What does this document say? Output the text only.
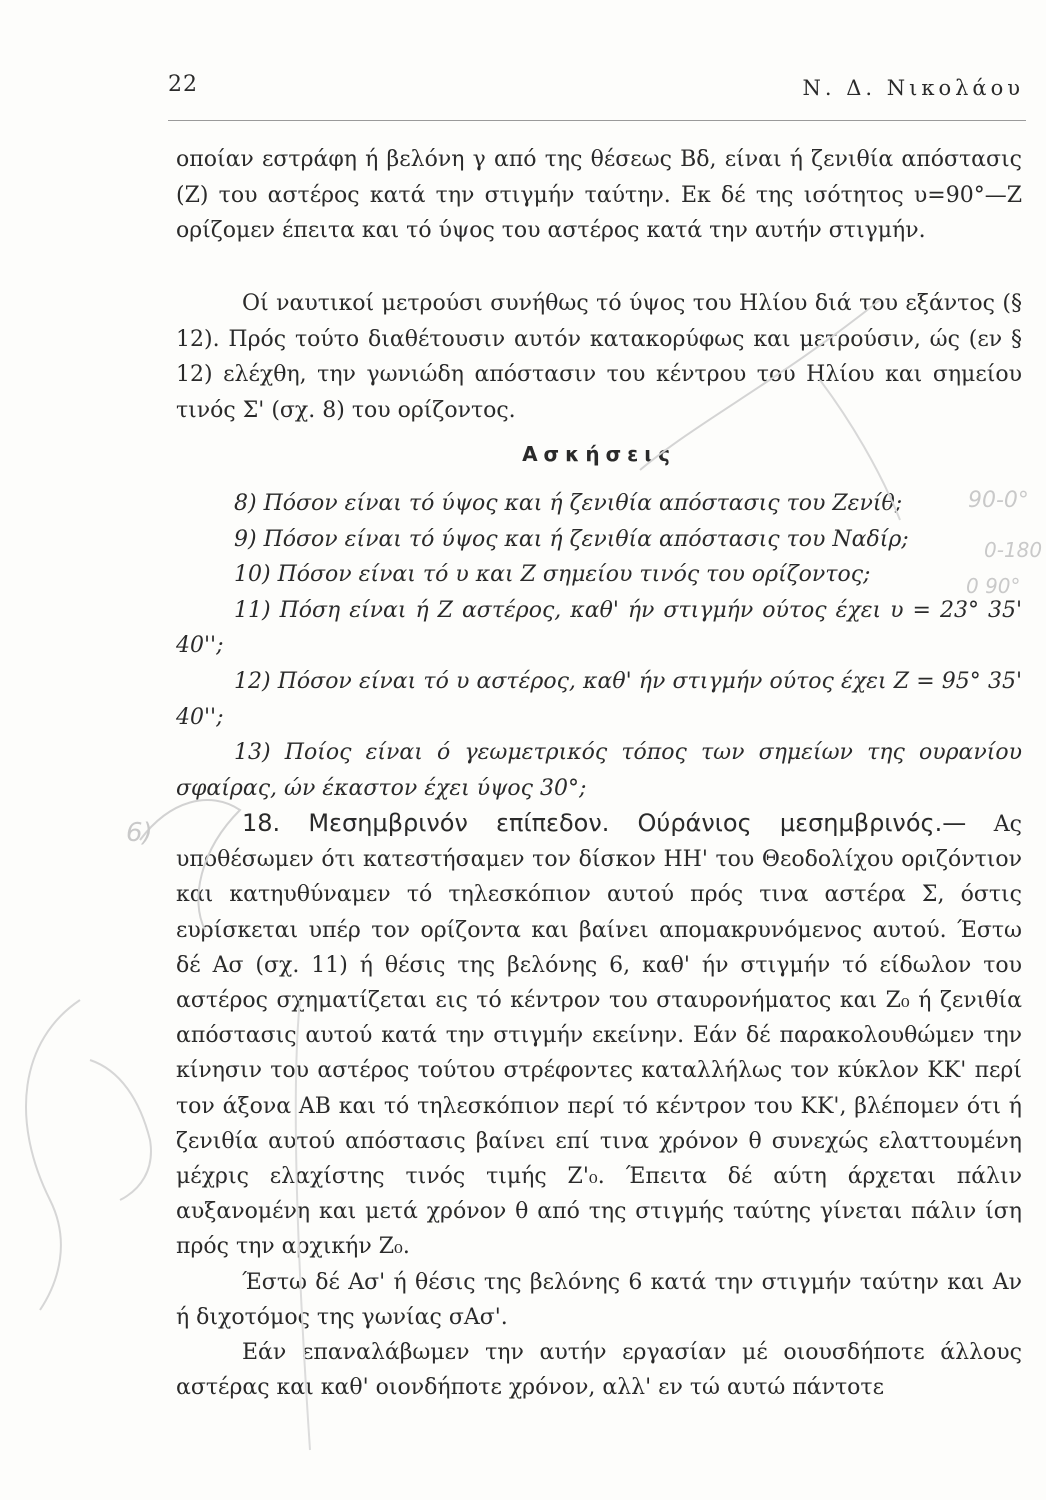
22	Ν. Δ. Νικολάου

οποίαν εστράφη ή βελόνη γ από της θέσεως Βδ, είναι ή ζενιθία απόστασις (Ζ) του αστέρος κατά την στιγμήν ταύτην. Εκ δέ της ισότητος υ=90°—Ζ ορίζομεν έπειτα και τό ύψος του αστέρος κατά την αυτήν στιγμήν.

Οί ναυτικοί μετρούσι συνήθως τό ύψος του Ηλίου διά του εξάντος (§ 12). Πρός τούτο διαθέτουσιν αυτόν κατακορύφως και μετρούσιν, ώς (εν § 12) ελέχθη, την γωνιώδη απόστασιν του κέντρου του Ηλίου και σημείου τινός Σ' (σχ. 8) του ορίζοντος.

Ασκήσεις

8) Πόσον είναι τό ύψος και ή ζενιθία απόστασις του Ζενίθ;

9) Πόσον είναι τό ύψος και ή ζενιθία απόστασις του Ναδίρ;

10) Πόσον είναι τό υ και Ζ σημείου τινός του ορίζοντος;

11) Πόση είναι ή Ζ αστέρος, καθ' ήν στιγμήν ούτος έχει υ = 23° 35' 40'';

12) Πόσον είναι τό υ αστέρος, καθ' ήν στιγμήν ούτος έχει Ζ = 95° 35' 40'';

13) Ποίος είναι ό γεωμετρικός τόπος των σημείων της ουρανίου σφαίρας, ών έκαστον έχει ύψος 30°;

18. Μεσημβρινόν επίπεδον. Ούράνιος μεσημβρινός.— Ας υποθέσωμεν ότι κατεστήσαμεν τον δίσκον ΗΗ' του Θεοδολίχου οριζόντιον και κατηυθύναμεν τό τηλεσκόπιον αυτού πρός τινα αστέρα Σ, όστις ευρίσκεται υπέρ τον ορίζοντα και βαίνει απομακρυνόμενος αυτού. Έστω δέ Ασ (σχ. 11) ή θέσις της βελόνης 6, καθ' ήν στιγμήν τό είδωλον του αστέρος σχηματίζεται εις τό κέντρον του σταυρονήματος και Ζ₀ ή ζενιθία απόστασις αυτού κατά την στιγμήν εκείνην. Εάν δέ παρακολουθώμεν την κίνησιν του αστέρος τούτου στρέφοντες καταλλήλως τον κύκλον ΚΚ' περί τον άξονα ΑΒ και τό τηλεσκόπιον περί τό κέντρον του ΚΚ', βλέπομεν ότι ή ζενιθία αυτού απόστασις βαίνει επί τινα χρόνον θ συνεχώς ελαττουμένη μέχρις ελαχίστης τινός τιμής Ζ'₀. Έπειτα δέ αύτη άρχεται πάλιν αυξανομένη και μετά χρόνον θ από της στιγμής ταύτης γίνεται πάλιν ίση πρός την αρχικήν Ζ₀.

Έστω δέ Ασ' ή θέσις της βελόνης 6 κατά την στιγμήν ταύτην και Αν ή διχοτόμος της γωνίας σΑσ'.

Εάν επαναλάβωμεν την αυτήν εργασίαν μέ οιουσδήποτε άλλους αστέρας και καθ' οιονδήποτε χρόνον, αλλ' εν τώ αυτώ πάντοτε

90-0°
0-180
0 90°
6)
